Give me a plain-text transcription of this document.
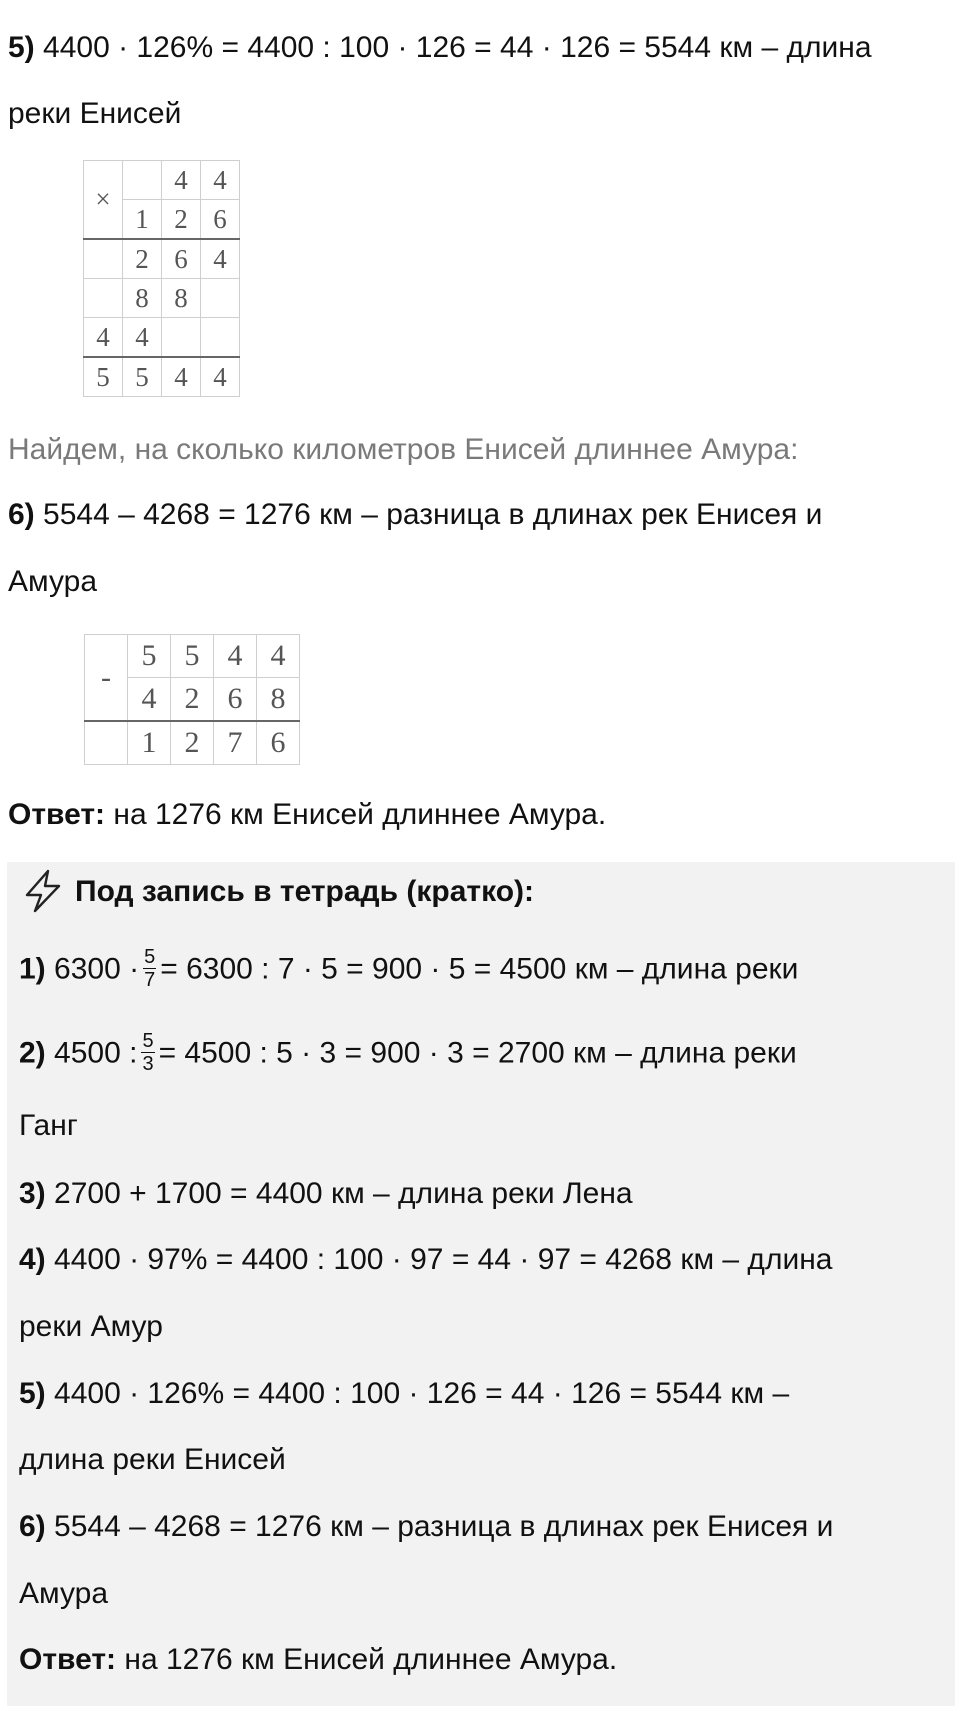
5) 4400 · 126% = 4400 : 100 · 126 = 44 · 126 = 5544 км – длина
реки Енисей
×		4	4
	1	2	6
	2	6	4
	8	8	
4	4		
5	5	4	4
Найдем, на сколько километров Енисей длиннее Амура:
6) 5544 – 4268 = 1276 км – разница в длинах рек Енисея и
Амура
-	5	5	4	4
	4	2	6	8
	1	2	7	6
Ответ: на 1276 км Енисей длиннее Амура.
Под запись в тетрадь (кратко):
1) $6300 \cdot \frac{5}{7} = 6300$ : 7 · 5 = 900 · 5 = 4500 км – длина реки
2) 4500 : $\frac{5}{3} = 4500$ : 5 · 3 = 900 · 3 = 2700 км – длина реки
Ганг
3) 2700 + 1700 = 4400 км – длина реки Лена
4) 4400 · 97% = 4400 : 100 · 97 = 44 · 97 = 4268 км – длина
реки Амур
5) 4400 · 126% = 4400 : 100 · 126 = 44 · 126 = 5544 км –
длина реки Енисей
6) 5544 – 4268 = 1276 км – разница в длинах рек Енисея и
Амура
Ответ: на 1276 км Енисей длиннее Амура.
